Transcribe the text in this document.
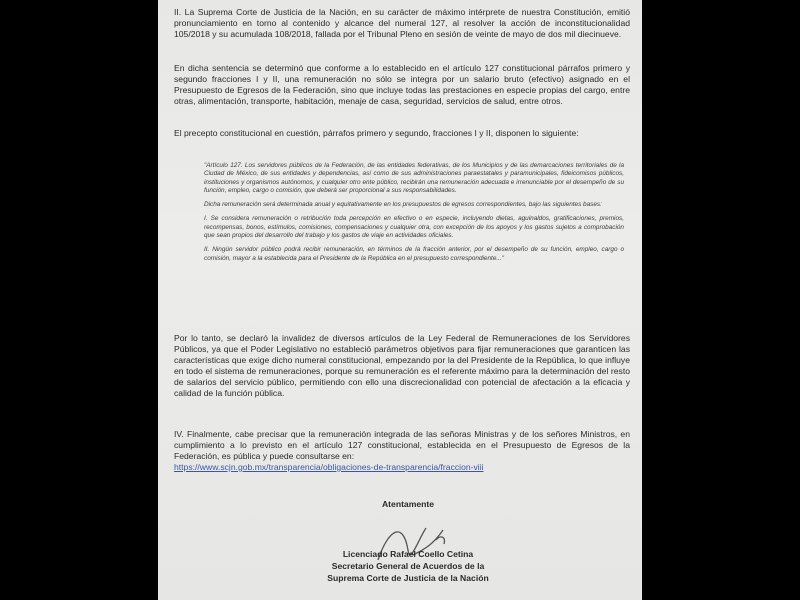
II. La Suprema Corte de Justicia de la Nación, en su carácter de máximo intérprete de nuestra Constitución, emitió pronunciamiento en torno al contenido y alcance del numeral 127, al resolver la acción de inconstitucionalidad 105/2018 y su acumulada 108/2018, fallada por el Tribunal Pleno en sesión de veinte de mayo de dos mil diecinueve.

En dicha sentencia se determinó que conforme a lo establecido en el artículo 127 constitucional párrafos primero y segundo fracciones I y II, una remuneración no sólo se integra por un salario bruto (efectivo) asignado en el Presupuesto de Egresos de la Federación, sino que incluye todas las prestaciones en especie propias del cargo, entre otras, alimentación, transporte, habitación, menaje de casa, seguridad, servicios de salud, entre otros.

El precepto constitucional en cuestión, párrafos primero y segundo, fracciones I y II, disponen lo siguiente:

"Artículo 127. Los servidores públicos de la Federación, de las entidades federativas, de los Municipios y de las demarcaciones territoriales de la Ciudad de México, de sus entidades y dependencias, así como de sus administraciones paraestatales y paramunicipales, fideicomisos públicos, instituciones y organismos autónomos, y cualquier otro ente público, recibirán una remuneración adecuada e irrenunciable por el desempeño de su función, empleo, cargo o comisión, que deberá ser proporcional a sus responsabilidades.

Dicha remuneración será determinada anual y equitativamente en los presupuestos de egresos correspondientes, bajo las siguientes bases:

I. Se considera remuneración o retribución toda percepción en efectivo o en especie, incluyendo dietas, aguinaldos, gratificaciones, premios, recompensas, bonos, estímulos, comisiones, compensaciones y cualquier otra, con excepción de los apoyos y los gastos sujetos a comprobación que sean propios del desarrollo del trabajo y los gastos de viaje en actividades oficiales.

II. Ningún servidor público podrá recibir remuneración, en términos de la fracción anterior, por el desempeño de su función, empleo, cargo o comisión, mayor a la establecida para el Presidente de la República en el presupuesto correspondiente..."

Por lo tanto, se declaró la invalidez de diversos artículos de la Ley Federal de Remuneraciones de los Servidores Públicos, ya que el Poder Legislativo no estableció parámetros objetivos para fijar remuneraciones que garanticen las características que exige dicho numeral constitucional, empezando por la del Presidente de la República, lo que influye en todo el sistema de remuneraciones, porque su remuneración es el referente máximo para la determinación del resto de salarios del servicio público, permitiendo con ello una discrecionalidad con potencial de afectación a la eficacia y calidad de la función pública.

IV. Finalmente, cabe precisar que la remuneración integrada de las señoras Ministras y de los señores Ministros, en cumplimiento a lo previsto en el artículo 127 constitucional, establecida en el Presupuesto de Egresos de la Federación, es pública y puede consultarse en:
https://www.scjn.gob.mx/transparencia/obligaciones-de-transparencia/fraccion-viii
Atentamente
Licenciado Rafael Coello Cetina
Secretario General de Acuerdos de la
Suprema Corte de Justicia de la Nación
